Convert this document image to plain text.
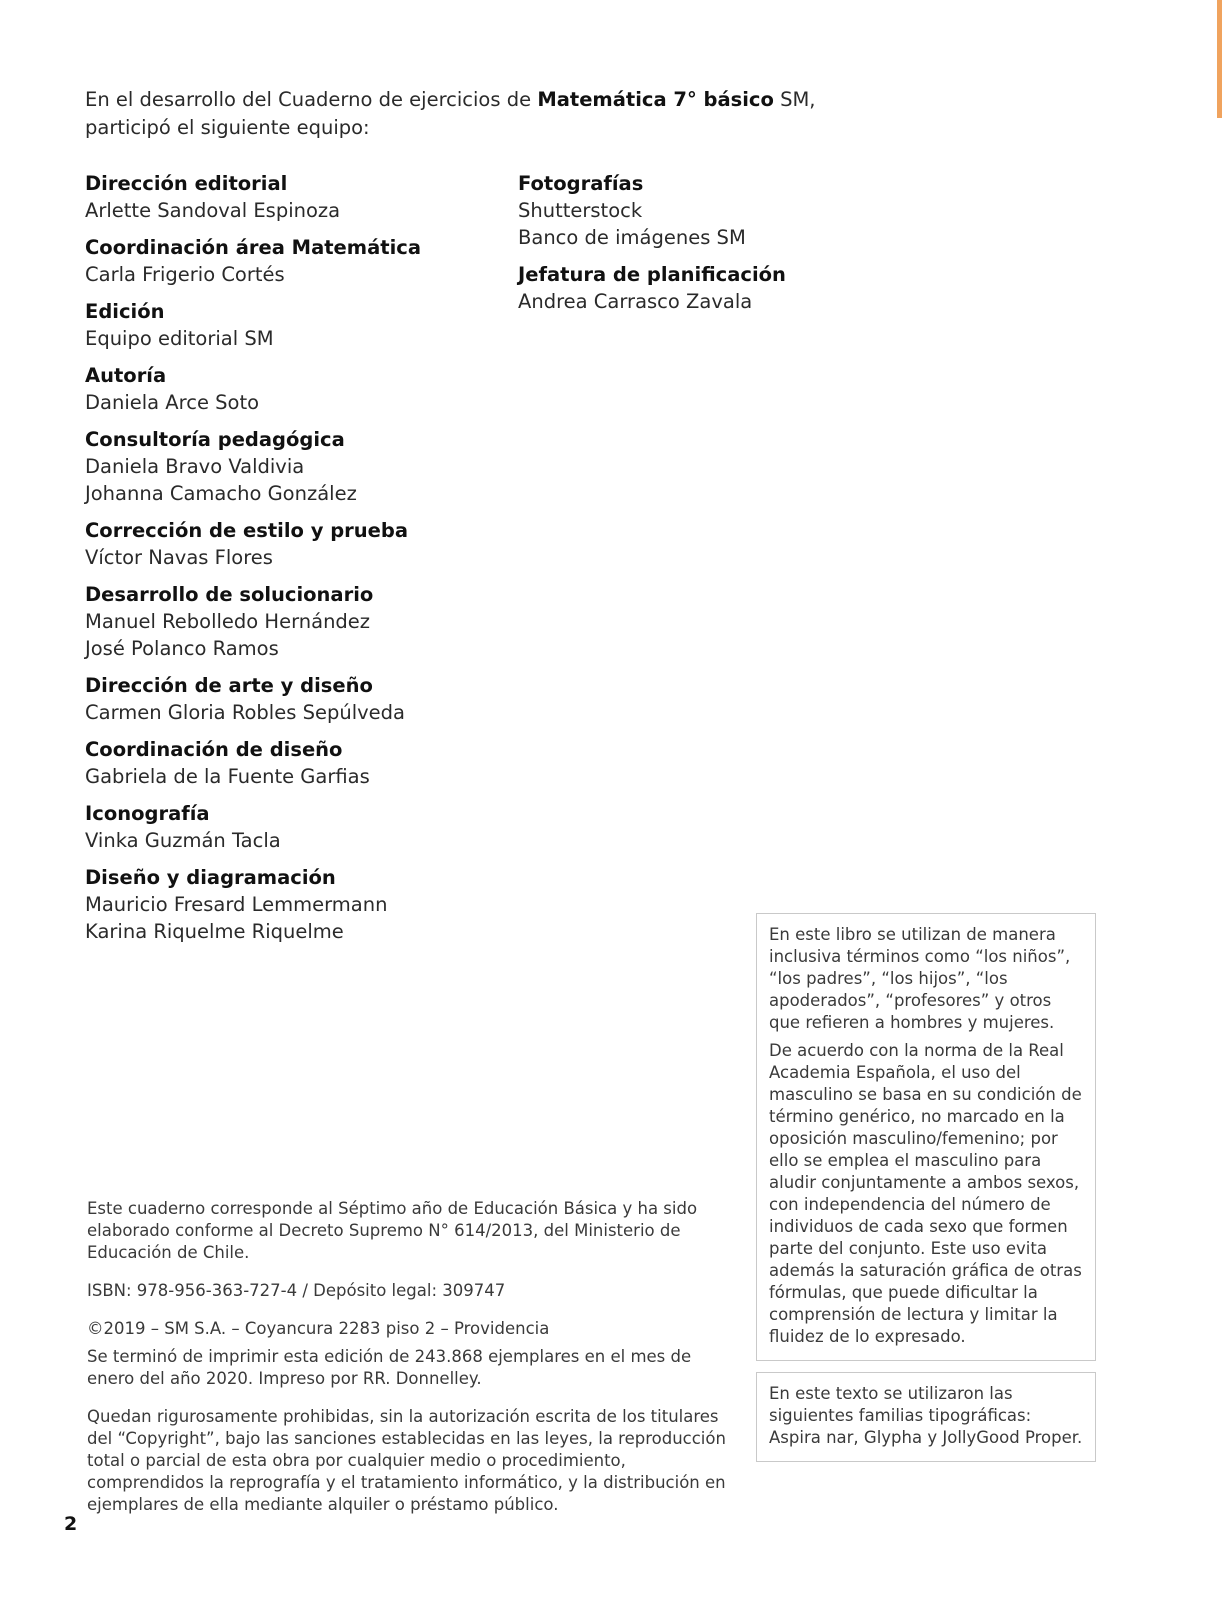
En el desarrollo del Cuaderno de ejercicios de Matemática 7° básico SM, participó el siguiente equipo:

Dirección editorial
Arlette Sandoval Espinoza
Coordinación área Matemática
Carla Frigerio Cortés
Edición
Equipo editorial SM
Autoría
Daniela Arce Soto
Consultoría pedagógica
Daniela Bravo Valdivia
Johanna Camacho González
Corrección de estilo y prueba
Víctor Navas Flores
Desarrollo de solucionario
Manuel Rebolledo Hernández
José Polanco Ramos
Dirección de arte y diseño
Carmen Gloria Robles Sepúlveda
Coordinación de diseño
Gabriela de la Fuente Garfias
Iconografía
Vinka Guzmán Tacla
Diseño y diagramación
Mauricio Fresard Lemmermann
Karina Riquelme Riquelme
Fotografías
Shutterstock
Banco de imágenes SM
Jefatura de planificación
Andrea Carrasco Zavala

Este cuaderno corresponde al Séptimo año de Educación Básica y ha sido elaborado conforme al Decreto Supremo N° 614/2013, del Ministerio de Educación de Chile.

ISBN: 978-956-363-727-4 / Depósito legal: 309747

©2019 – SM S.A. – Coyancura 2283 piso 2 – Providencia

Se terminó de imprimir esta edición de 243.868 ejemplares en el mes de enero del año 2020. Impreso por RR. Donnelley.

Quedan rigurosamente prohibidas, sin la autorización escrita de los titulares del “Copyright”, bajo las sanciones establecidas en las leyes, la reproducción total o parcial de esta obra por cualquier medio o procedimiento, comprendidos la reprografía y el tratamiento informático, y la distribución en ejemplares de ella mediante alquiler o préstamo público.

2

En este libro se utilizan de manera inclusiva términos como “los niños”, “los padres”, “los hijos”, “los apoderados”, “profesores” y otros que refieren a hombres y mujeres.

De acuerdo con la norma de la Real Academia Española, el uso del masculino se basa en su condición de término genérico, no marcado en la oposición masculino/femenino; por ello se emplea el masculino para aludir conjuntamente a ambos sexos, con independencia del número de individuos de cada sexo que formen parte del conjunto. Este uso evita además la saturación gráfica de otras fórmulas, que puede dificultar la comprensión de lectura y limitar la fluidez de lo expresado.

En este texto se utilizaron las siguientes familias tipográficas: Aspira nar, Glypha y JollyGood Proper.
